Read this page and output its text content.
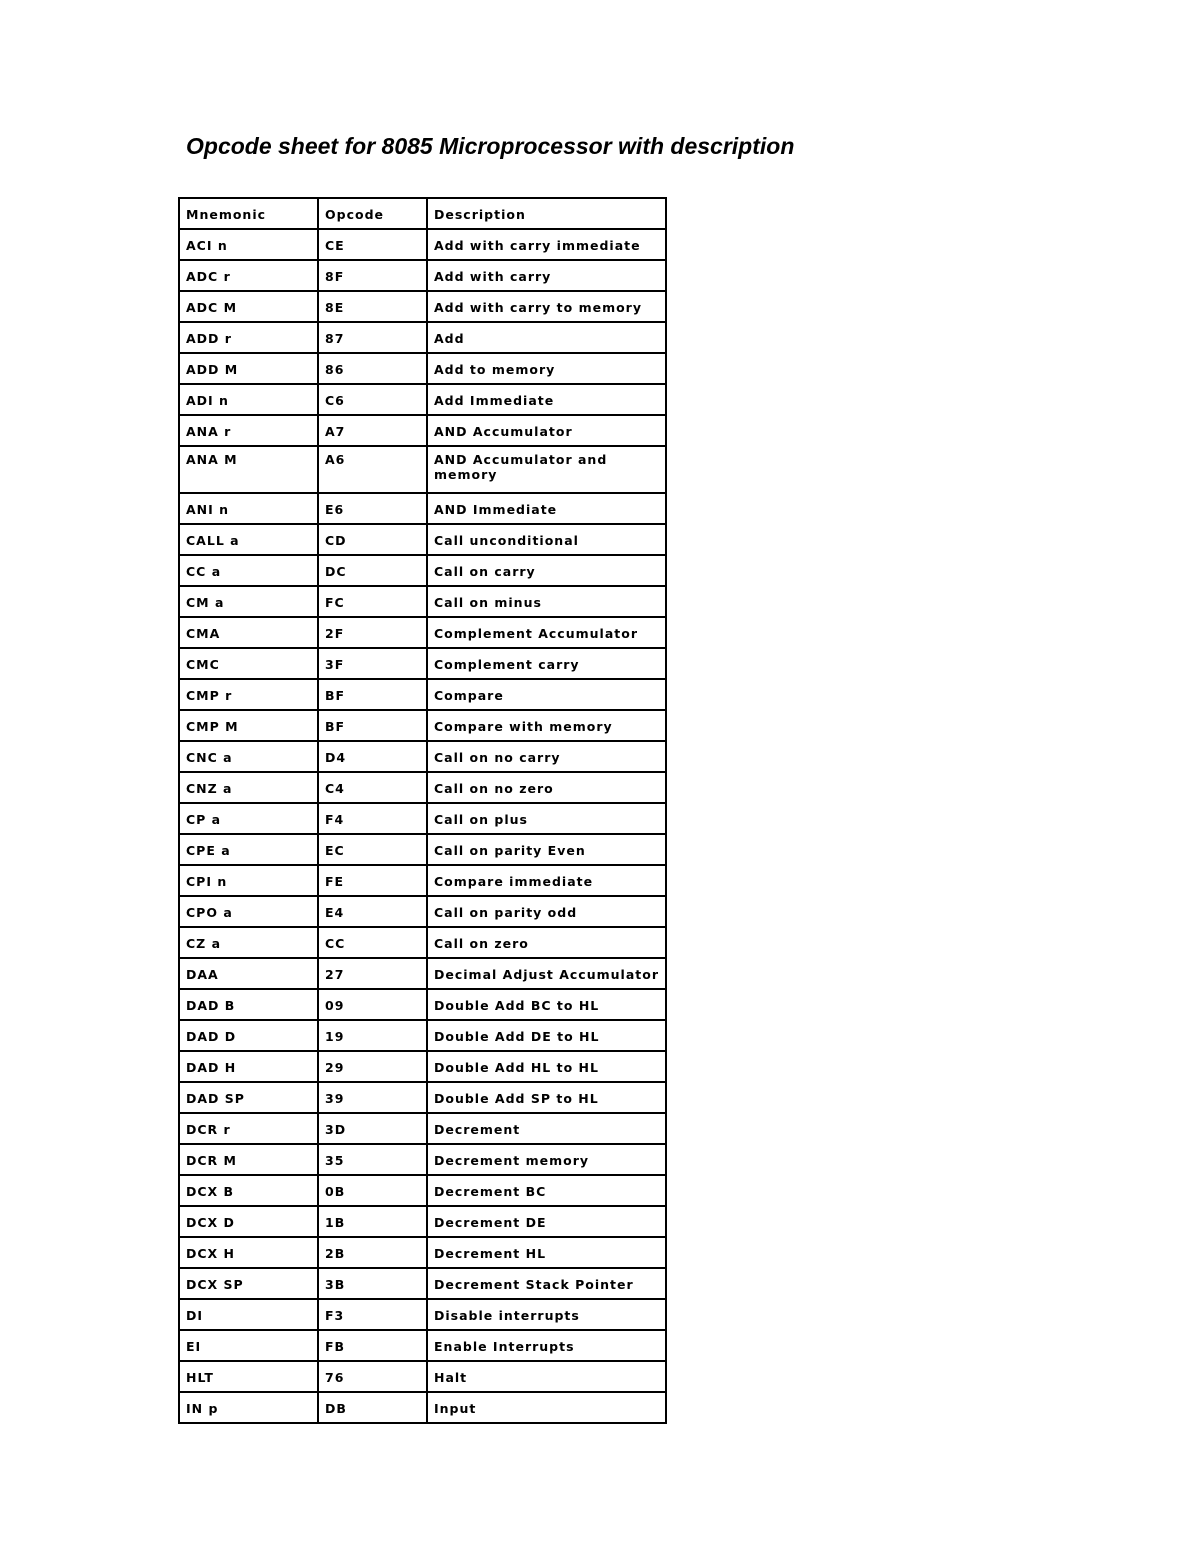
Opcode sheet for 8085 Microprocessor with description
Mnemonic	Opcode	Description
ACI n	CE	Add with carry immediate
ADC r	8F	Add with carry
ADC M	8E	Add with carry to memory
ADD r	87	Add
ADD M	86	Add to memory
ADI n	C6	Add Immediate
ANA r	A7	AND Accumulator
ANA M	A6	AND Accumulator and memory
ANI n	E6	AND Immediate
CALL a	CD	Call unconditional
CC a	DC	Call on carry
CM a	FC	Call on minus
CMA	2F	Complement Accumulator
CMC	3F	Complement carry
CMP r	BF	Compare
CMP M	BF	Compare with memory
CNC a	D4	Call on no carry
CNZ a	C4	Call on no zero
CP a	F4	Call on plus
CPE a	EC	Call on parity Even
CPI n	FE	Compare immediate
CPO a	E4	Call on parity odd
CZ a	CC	Call on zero
DAA	27	Decimal Adjust Accumulator
DAD B	09	Double Add BC to HL
DAD D	19	Double Add DE to HL
DAD H	29	Double Add HL to HL
DAD SP	39	Double Add SP to HL
DCR r	3D	Decrement
DCR M	35	Decrement memory
DCX B	0B	Decrement BC
DCX D	1B	Decrement DE
DCX H	2B	Decrement HL
DCX SP	3B	Decrement Stack Pointer
DI	F3	Disable interrupts
EI	FB	Enable Interrupts
HLT	76	Halt
IN p	DB	Input
